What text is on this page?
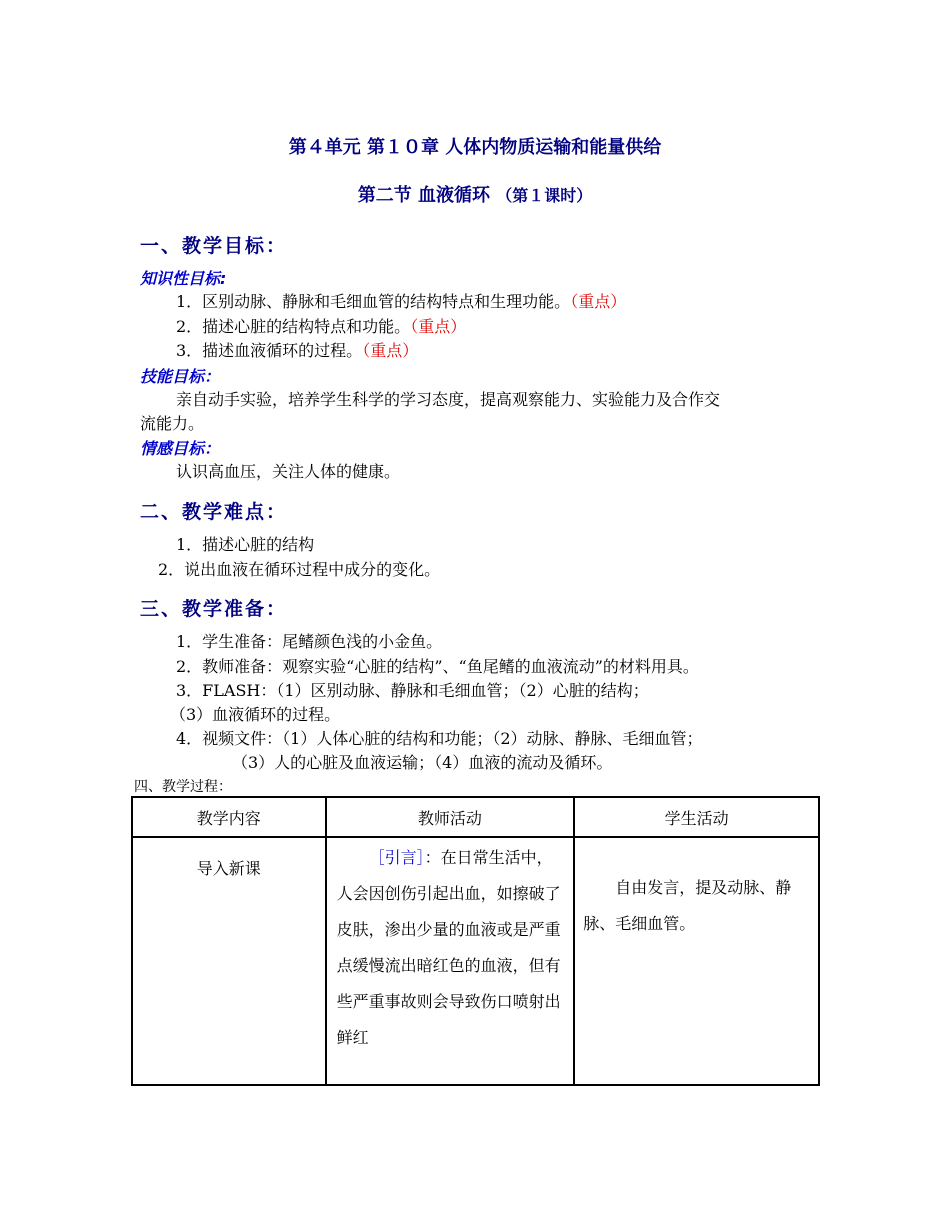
第４单元 第１０章 人体内物质运输和能量供给
第二节 血液循环 （第１课时）
一、教学目标：
知识性目标:
1．区别动脉、静脉和毛细血管的结构特点和生理功能。（重点）
2．描述心脏的结构特点和功能。（重点）
3．描述血液循环的过程。（重点）
技能目标：
亲自动手实验，培养学生科学的学习态度，提高观察能力、实验能力及合作交
流能力。
情感目标：
认识高血压，关注人体的健康。
二、教学难点：
1．描述心脏的结构
2．说出血液在循环过程中成分的变化。
三、教学准备：
1．学生准备：尾鳍颜色浅的小金鱼。
2．教师准备：观察实验“心脏的结构”、“鱼尾鳍的血液流动”的材料用具。
3．FLASH：（1）区别动脉、静脉和毛细血管；（2）心脏的结构；
（3）血液循环的过程。
4．视频文件：（1）人体心脏的结构和功能；（2）动脉、静脉、毛细血管；
（3）人的心脏及血液运输；（4）血液的流动及循环。
四、教学过程：
教学内容	教师活动	学生活动
导入新课	［引言］：在日常生活中，人会因创伤引起出血，如擦破了皮肤，渗出少量的血液或是严重点缓慢流出暗红色的血液，但有些严重事故则会导致伤口喷射出鲜红	自由发言，提及动脉、静脉、毛细血管。
